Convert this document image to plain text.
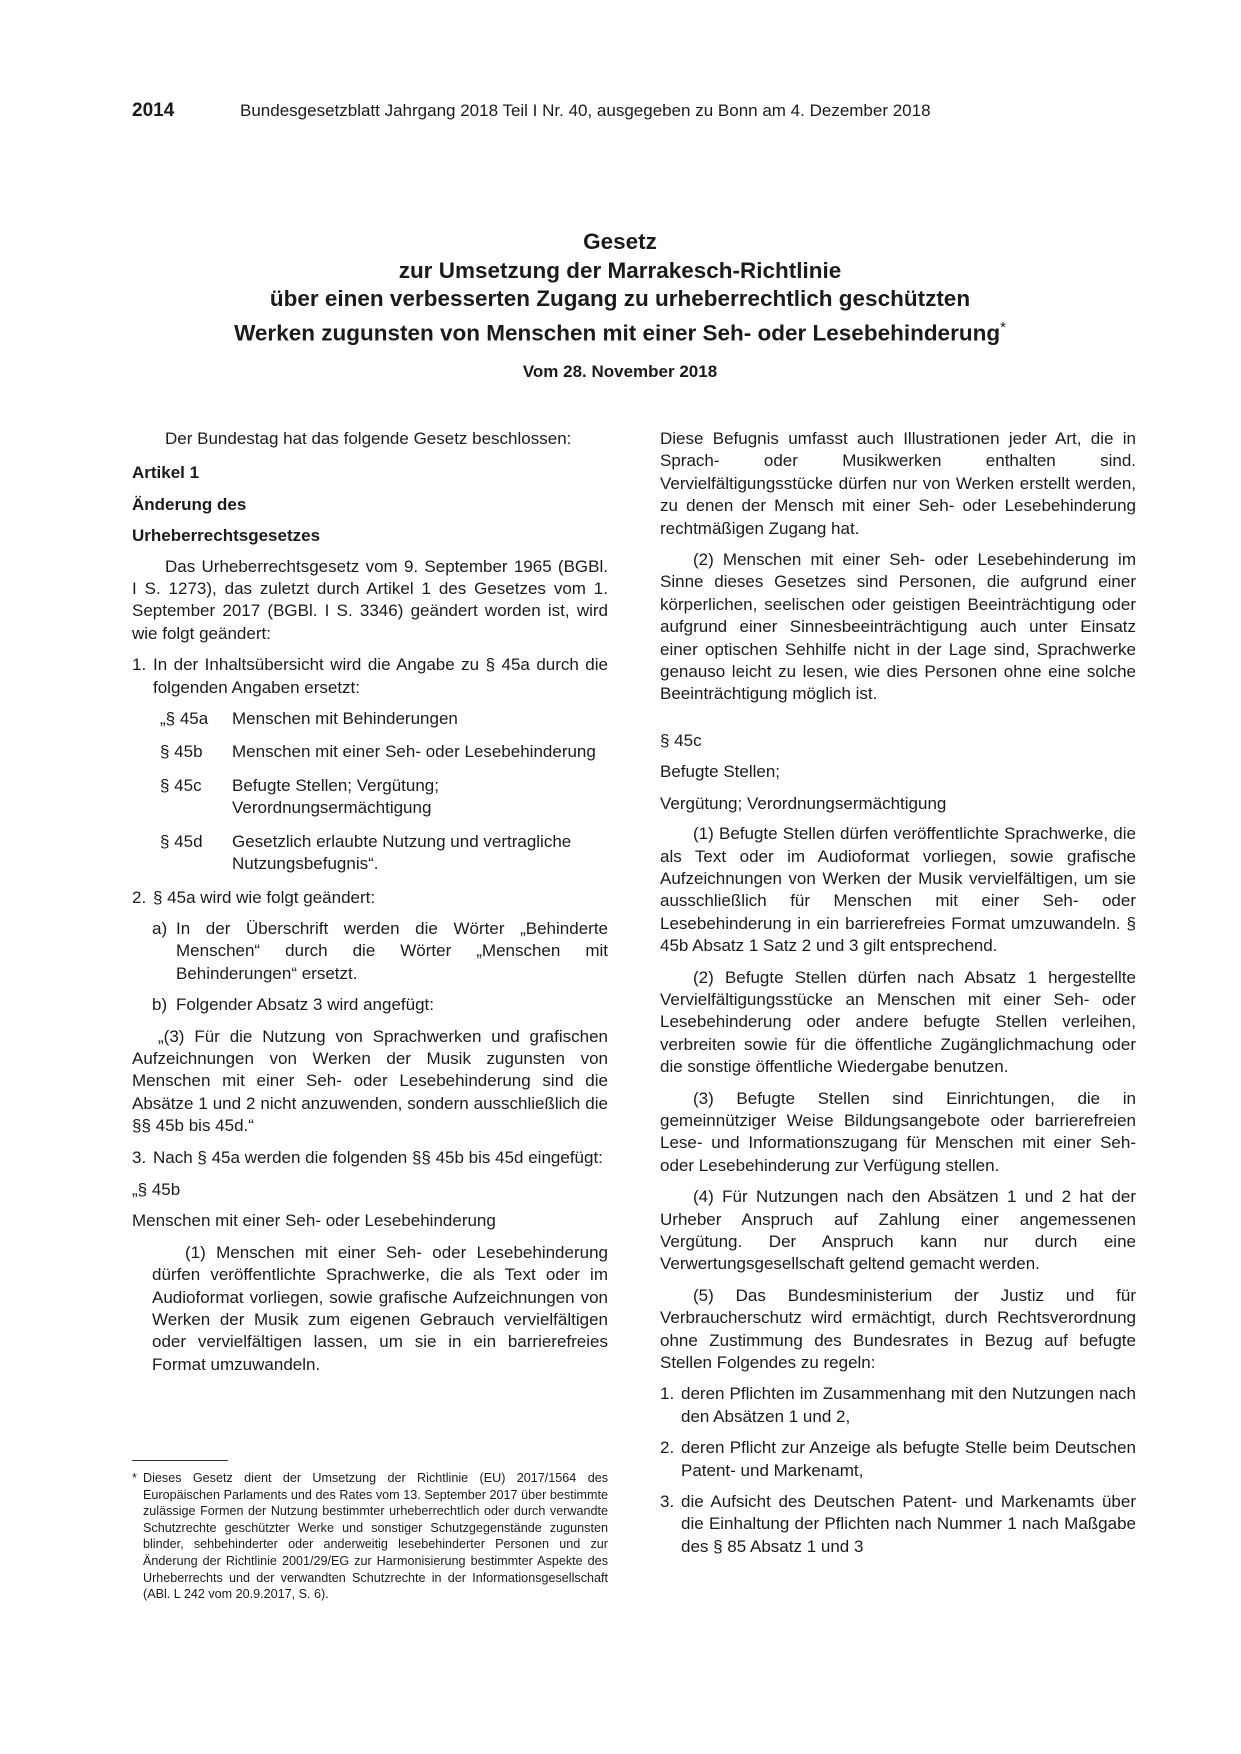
2014	Bundesgesetzblatt Jahrgang 2018 Teil I Nr. 40, ausgegeben zu Bonn am 4. Dezember 2018
Gesetz
zur Umsetzung der Marrakesch-Richtlinie
über einen verbesserten Zugang zu urheberrechtlich geschützten
Werken zugunsten von Menschen mit einer Seh- oder Lesebehinderung*
Vom 28. November 2018

Der Bundestag hat das folgende Gesetz beschlossen:

Artikel 1

Änderung des

Urheberrechtsgesetzes

Das Urheberrechtsgesetz vom 9. September 1965 (BGBl. I S. 1273), das zuletzt durch Artikel 1 des Gesetzes vom 1. September 2017 (BGBl. I S. 3346) geändert worden ist, wird wie folgt geändert:

1. In der Inhaltsübersicht wird die Angabe zu § 45a durch die folgenden Angaben ersetzt:
„§ 45a	Menschen mit Behinderungen
§ 45b	Menschen mit einer Seh- oder Lesebehinderung
§ 45c	Befugte Stellen; Vergütung; Verordnungsermächtigung
§ 45d	Gesetzlich erlaubte Nutzung und vertragliche Nutzungsbefugnis“.
2. § 45a wird wie folgt geändert:
a) In der Überschrift werden die Wörter „Behinderte Menschen“ durch die Wörter „Menschen mit Behinderungen“ ersetzt.
b) Folgender Absatz 3 wird angefügt:

„(3) Für die Nutzung von Sprachwerken und grafischen Aufzeichnungen von Werken der Musik zugunsten von Menschen mit einer Seh- oder Lesebehinderung sind die Absätze 1 und 2 nicht anzuwenden, sondern ausschließlich die §§ 45b bis 45d.“

3. Nach § 45a werden die folgenden §§ 45b bis 45d eingefügt:

„§ 45b

Menschen mit einer Seh- oder Lesebehinderung

(1) Menschen mit einer Seh- oder Lesebehinderung dürfen veröffentlichte Sprachwerke, die als Text oder im Audioformat vorliegen, sowie grafische Aufzeichnungen von Werken der Musik zum eigenen Gebrauch vervielfältigen oder vervielfältigen lassen, um sie in ein barrierefreies Format umzuwandeln.

Diese Befugnis umfasst auch Illustrationen jeder Art, die in Sprach- oder Musikwerken enthalten sind. Vervielfältigungsstücke dürfen nur von Werken erstellt werden, zu denen der Mensch mit einer Seh- oder Lesebehinderung rechtmäßigen Zugang hat.

(2) Menschen mit einer Seh- oder Lesebehinderung im Sinne dieses Gesetzes sind Personen, die aufgrund einer körperlichen, seelischen oder geistigen Beeinträchtigung oder aufgrund einer Sinnesbeeinträchtigung auch unter Einsatz einer optischen Sehhilfe nicht in der Lage sind, Sprachwerke genauso leicht zu lesen, wie dies Personen ohne eine solche Beeinträchtigung möglich ist.

§ 45c

Befugte Stellen;

Vergütung; Verordnungsermächtigung

(1) Befugte Stellen dürfen veröffentlichte Sprachwerke, die als Text oder im Audioformat vorliegen, sowie grafische Aufzeichnungen von Werken der Musik vervielfältigen, um sie ausschließlich für Menschen mit einer Seh- oder Lesebehinderung in ein barrierefreies Format umzuwandeln. § 45b Absatz 1 Satz 2 und 3 gilt entsprechend.

(2) Befugte Stellen dürfen nach Absatz 1 hergestellte Vervielfältigungsstücke an Menschen mit einer Seh- oder Lesebehinderung oder andere befugte Stellen verleihen, verbreiten sowie für die öffentliche Zugänglichmachung oder die sonstige öffentliche Wiedergabe benutzen.

(3) Befugte Stellen sind Einrichtungen, die in gemeinnütziger Weise Bildungsangebote oder barrierefreien Lese- und Informationszugang für Menschen mit einer Seh- oder Lesebehinderung zur Verfügung stellen.

(4) Für Nutzungen nach den Absätzen 1 und 2 hat der Urheber Anspruch auf Zahlung einer angemessenen Vergütung. Der Anspruch kann nur durch eine Verwertungsgesellschaft geltend gemacht werden.

(5) Das Bundesministerium der Justiz und für Verbraucherschutz wird ermächtigt, durch Rechtsverordnung ohne Zustimmung des Bundesrates in Bezug auf befugte Stellen Folgendes zu regeln:

1. deren Pflichten im Zusammenhang mit den Nutzungen nach den Absätzen 1 und 2,
2. deren Pflicht zur Anzeige als befugte Stelle beim Deutschen Patent- und Markenamt,
3. die Aufsicht des Deutschen Patent- und Markenamts über die Einhaltung der Pflichten nach Nummer 1 nach Maßgabe des § 85 Absatz 1 und 3
* Dieses Gesetz dient der Umsetzung der Richtlinie (EU) 2017/1564 des Europäischen Parlaments und des Rates vom 13. September 2017 über bestimmte zulässige Formen der Nutzung bestimmter urheberrechtlich oder durch verwandte Schutzrechte geschützter Werke und sonstiger Schutzgegenstände zugunsten blinder, sehbehinderter oder anderweitig lesebehinderter Personen und zur Änderung der Richtlinie 2001/29/EG zur Harmonisierung bestimmter Aspekte des Urheberrechts und der verwandten Schutzrechte in der Informationsgesellschaft (ABl. L 242 vom 20.9.2017, S. 6).
